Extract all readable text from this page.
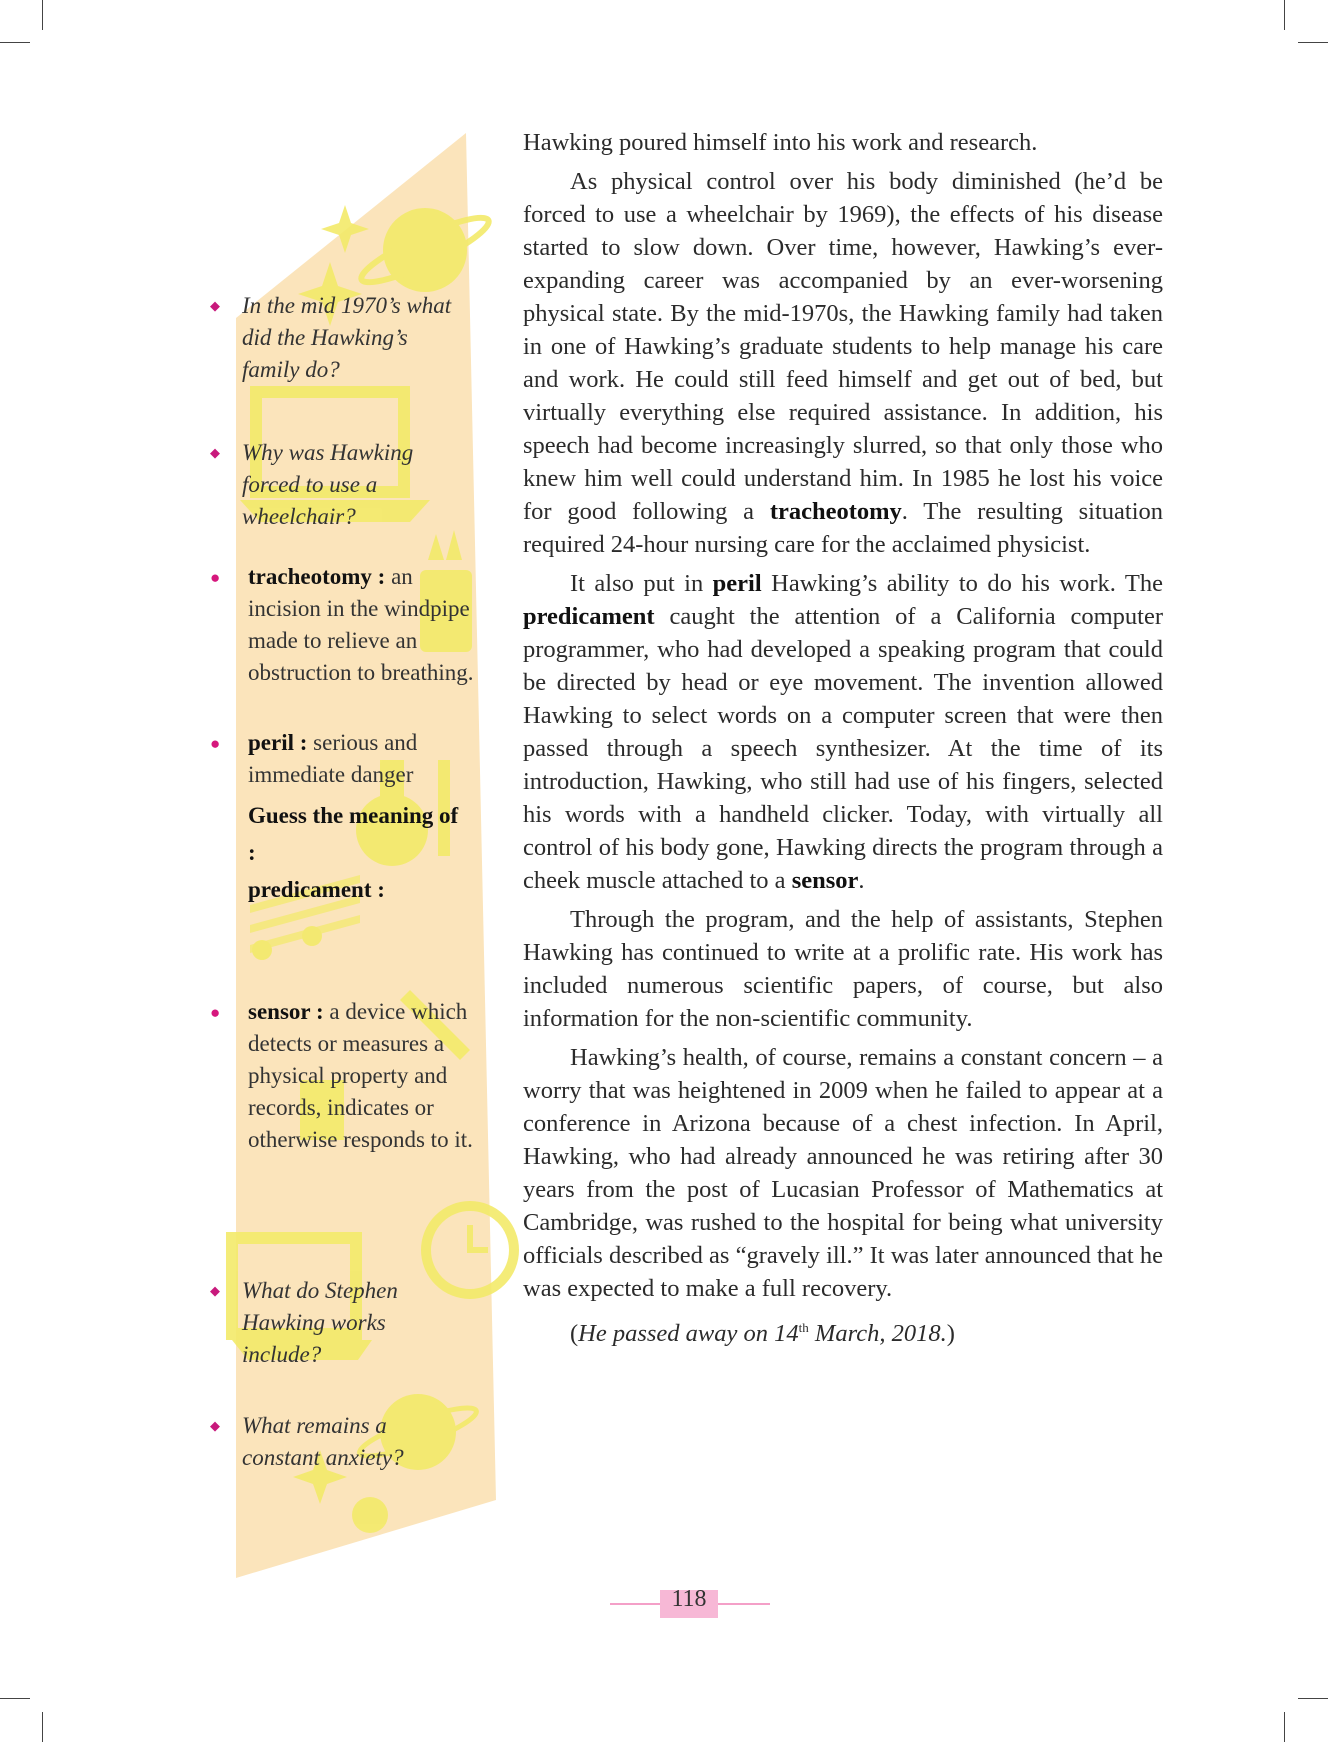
◆ In the mid 1970’s what did the Hawking’s family do?
◆ Why was Hawking forced to use a wheelchair?
● tracheotomy : an incision in the windpipe made to relieve an obstruction to breathing.
● peril : serious and immediate danger
Guess the meaning of :
predicament :
● sensor : a device which detects or measures a physical property and records, indicates or otherwise responds to it.
◆ What do Stephen Hawking works include?
◆ What remains a constant anxiety?

Hawking poured himself into his work and research.

As physical control over his body diminished (he’d be forced to use a wheelchair by 1969), the effects of his disease started to slow down. Over time, however, Hawking’s ever-expanding career was accompanied by an ever-worsening physical state. By the mid-1970s, the Hawking family had taken in one of Hawking’s graduate students to help manage his care and work. He could still feed himself and get out of bed, but virtually everything else required assistance. In addition, his speech had become increasingly slurred, so that only those who knew him well could understand him. In 1985 he lost his voice for good following a tracheotomy. The resulting situation required 24-hour nursing care for the acclaimed physicist.

It also put in peril Hawking’s ability to do his work. The predicament caught the attention of a California computer programmer, who had developed a speaking program that could be directed by head or eye movement. The invention allowed Hawking to select words on a computer screen that were then passed through a speech synthesizer. At the time of its introduction, Hawking, who still had use of his fingers, selected his words with a handheld clicker. Today, with virtually all control of his body gone, Hawking directs the program through a cheek muscle attached to a sensor.

Through the program, and the help of assistants, Stephen Hawking has continued to write at a prolific rate. His work has included numerous scientific papers, of course, but also information for the non-scientific community.

Hawking’s health, of course, remains a constant concern – a worry that was heightened in 2009 when he failed to appear at a conference in Arizona because of a chest infection. In April, Hawking, who had already announced he was retiring after 30 years from the post of Lucasian Professor of Mathematics at Cambridge, was rushed to the hospital for being what university officials described as “gravely ill.” It was later announced that he was expected to make a full recovery.

(He passed away on 14th March, 2018.)

118
